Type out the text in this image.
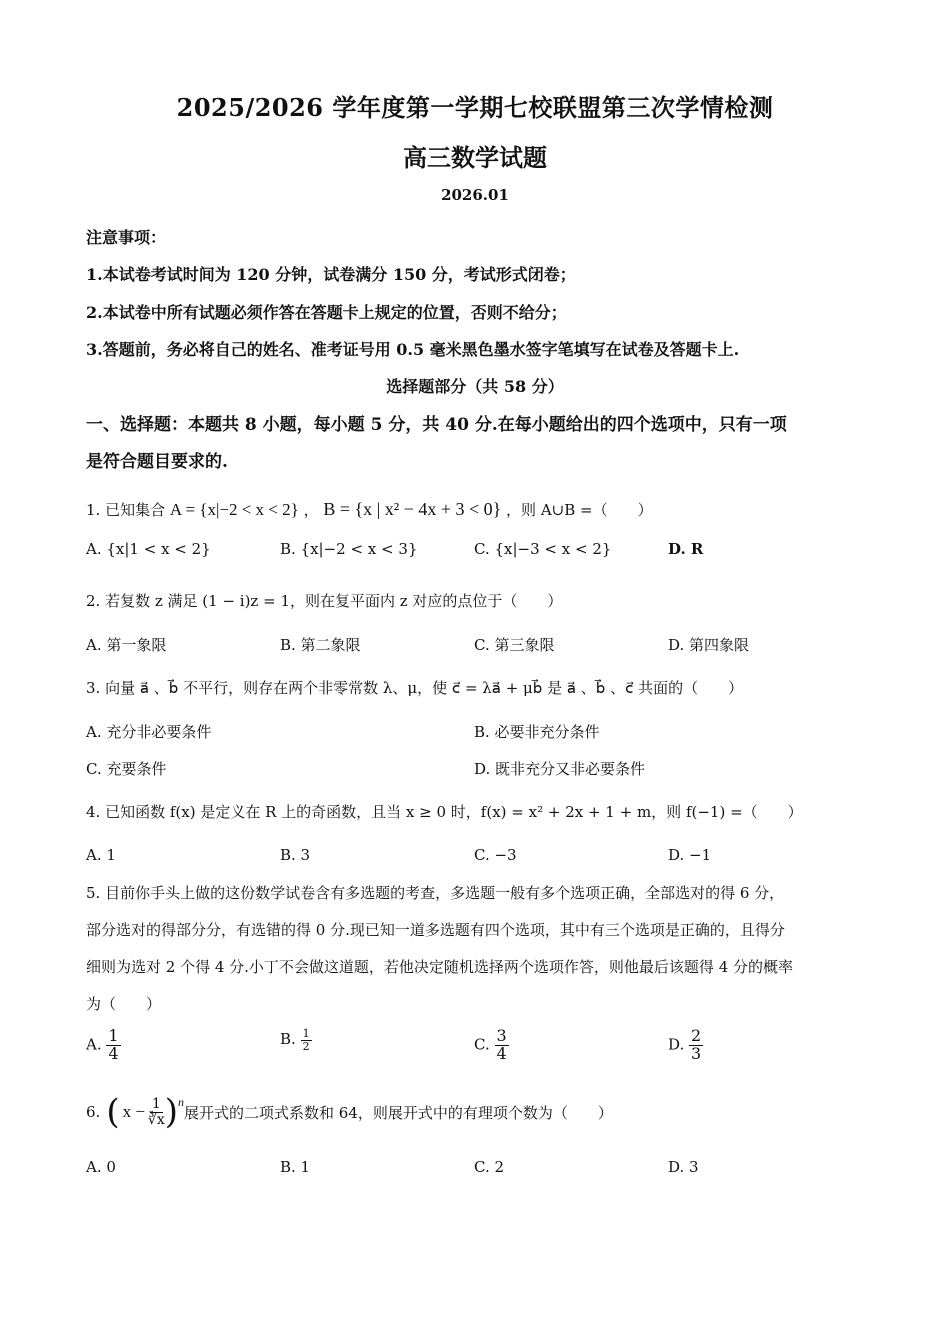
2025/2026 学年度第一学期七校联盟第三次学情检测
高三数学试题
2026.01
注意事项：
1.本试卷考试时间为 120 分钟，试卷满分 150 分，考试形式闭卷；
2.本试卷中所有试题必须作答在答题卡上规定的位置，否则不给分；
3.答题前，务必将自己的姓名、准考证号用 0.5 毫米黑色墨水签字笔填写在试卷及答题卡上.
选择题部分（共 58 分）
一、选择题：本题共 8 小题，每小题 5 分，共 40 分.在每小题给出的四个选项中，只有一项
是符合题目要求的.
1. 已知集合 A = {x|−2 < x < 2} ， B = {x | x² − 4x + 3 < 0} ，则 A∪B =（　　）
A. {x|1 < x < 2}	B. {x|−2 < x < 3}	C. {x|−3 < x < 2}	D. R
2. 若复数 z 满足 (1 − i)z = 1，则在复平面内 z 对应的点位于（　　）
A. 第一象限	B. 第二象限	C. 第三象限	D. 第四象限
3. 向量 a⃗ 、b⃗ 不平行，则存在两个非零常数 λ、μ，使 c⃗ = λa⃗ + μb⃗ 是 a⃗ 、b⃗ 、c⃗ 共面的（　　）
A. 充分非必要条件	B. 必要非充分条件
C. 充要条件	D. 既非充分又非必要条件
4. 已知函数 f(x) 是定义在 R 上的奇函数，且当 x ≥ 0 时，f(x) = x² + 2x + 1 + m，则 f(−1) =（　　）
A. 1	B. 3	C. −3	D. −1
5. 目前你手头上做的这份数学试卷含有多选题的考查，多选题一般有多个选项正确，全部选对的得 6 分，
部分选对的得部分分，有选错的得 0 分.现已知一道多选题有四个选项，其中有三个选项是正确的，且得分
细则为选对 2 个得 4 分.小丁不会做这道题，若他决定随机选择两个选项作答，则他最后该题得 4 分的概率
为（　　）
A. $\frac{1}{4}$	B. $\frac{1}{2}$	C. $\frac{3}{4}$	D. $\frac{2}{3}$
6. ( $x - \frac{1}{∛x}$ ) n
展开式的二项式系数和 64，则展开式中的有理项个数为（　　）
A. 0	B. 1	C. 2	D. 3
